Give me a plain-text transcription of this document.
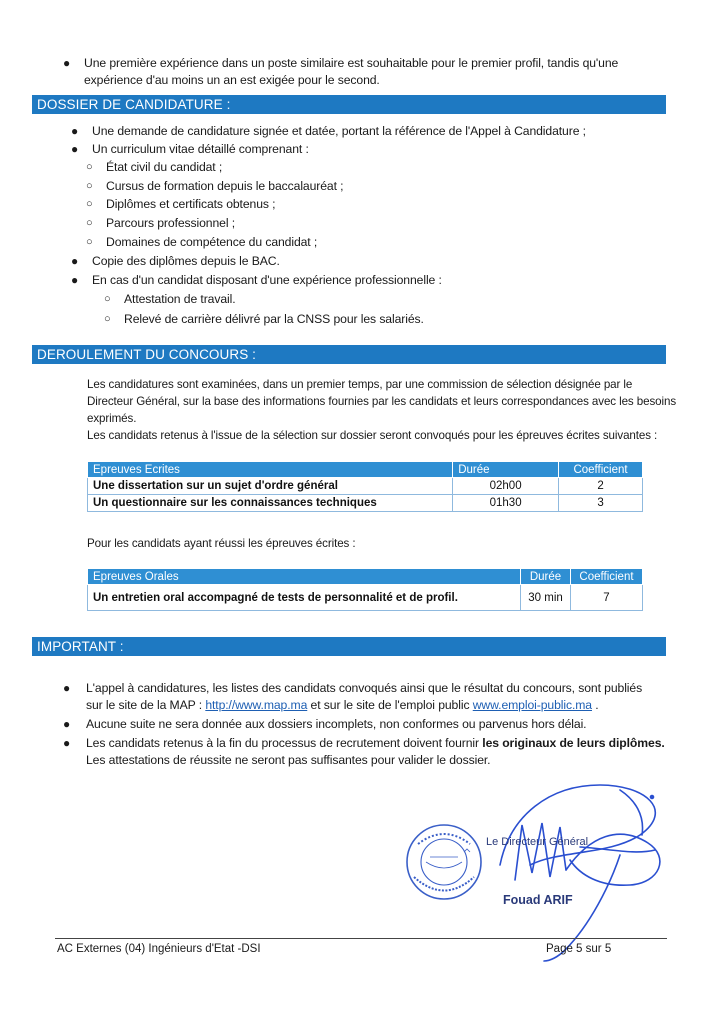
● Une première expérience dans un poste similaire est souhaitable pour le premier profil, tandis qu'une
expérience d'au moins un an est exigée pour le second.
DOSSIER DE CANDIDATURE :
● Une demande de candidature signée et datée, portant la référence de l'Appel à Candidature ;
● Un curriculum vitae détaillé comprenant :
○ État civil du candidat ;
○ Cursus de formation depuis le baccalauréat ;
○ Diplômes et certificats obtenus ;
○ Parcours professionnel ;
○ Domaines de compétence du candidat ;
● Copie des diplômes depuis le BAC.
● En cas d'un candidat disposant d'une expérience professionnelle :
○ Attestation de travail.
○ Relevé de carrière délivré par la CNSS pour les salariés.
DEROULEMENT DU CONCOURS :
Les candidatures sont examinées, dans un premier temps, par une commission de sélection désignée par le
Directeur Général, sur la base des informations fournies par les candidats et leurs correspondances avec les besoins
exprimés.
Les candidats retenus à l'issue de la sélection sur dossier seront convoqués pour les épreuves écrites suivantes :
Epreuves Ecrites	Durée	Coefficient
Une dissertation sur un sujet d'ordre général	02h00	2
Un questionnaire sur les connaissances techniques	01h30	3
Pour les candidats ayant réussi les épreuves écrites :
Epreuves Orales	Durée	Coefficient
Un entretien oral accompagné de tests de personnalité et de profil.	30 min	7
IMPORTANT :
● L'appel à candidatures, les listes des candidats convoqués ainsi que le résultat du concours, sont publiés
sur le site de la MAP : http://www.map.ma et sur le site de l'emploi public www.emploi-public.ma .
● Aucune suite ne sera donnée aux dossiers incomplets, non conformes ou parvenus hors délai.
● Les candidats retenus à la fin du processus de recrutement doivent fournir les originaux de leurs diplômes.
Les attestations de réussite ne seront pas suffisantes pour valider le dossier.
Le Directeur Général
Fouad ARIF
AC Externes (04) Ingénieurs d'Etat -DSI	Page 5 sur 5
